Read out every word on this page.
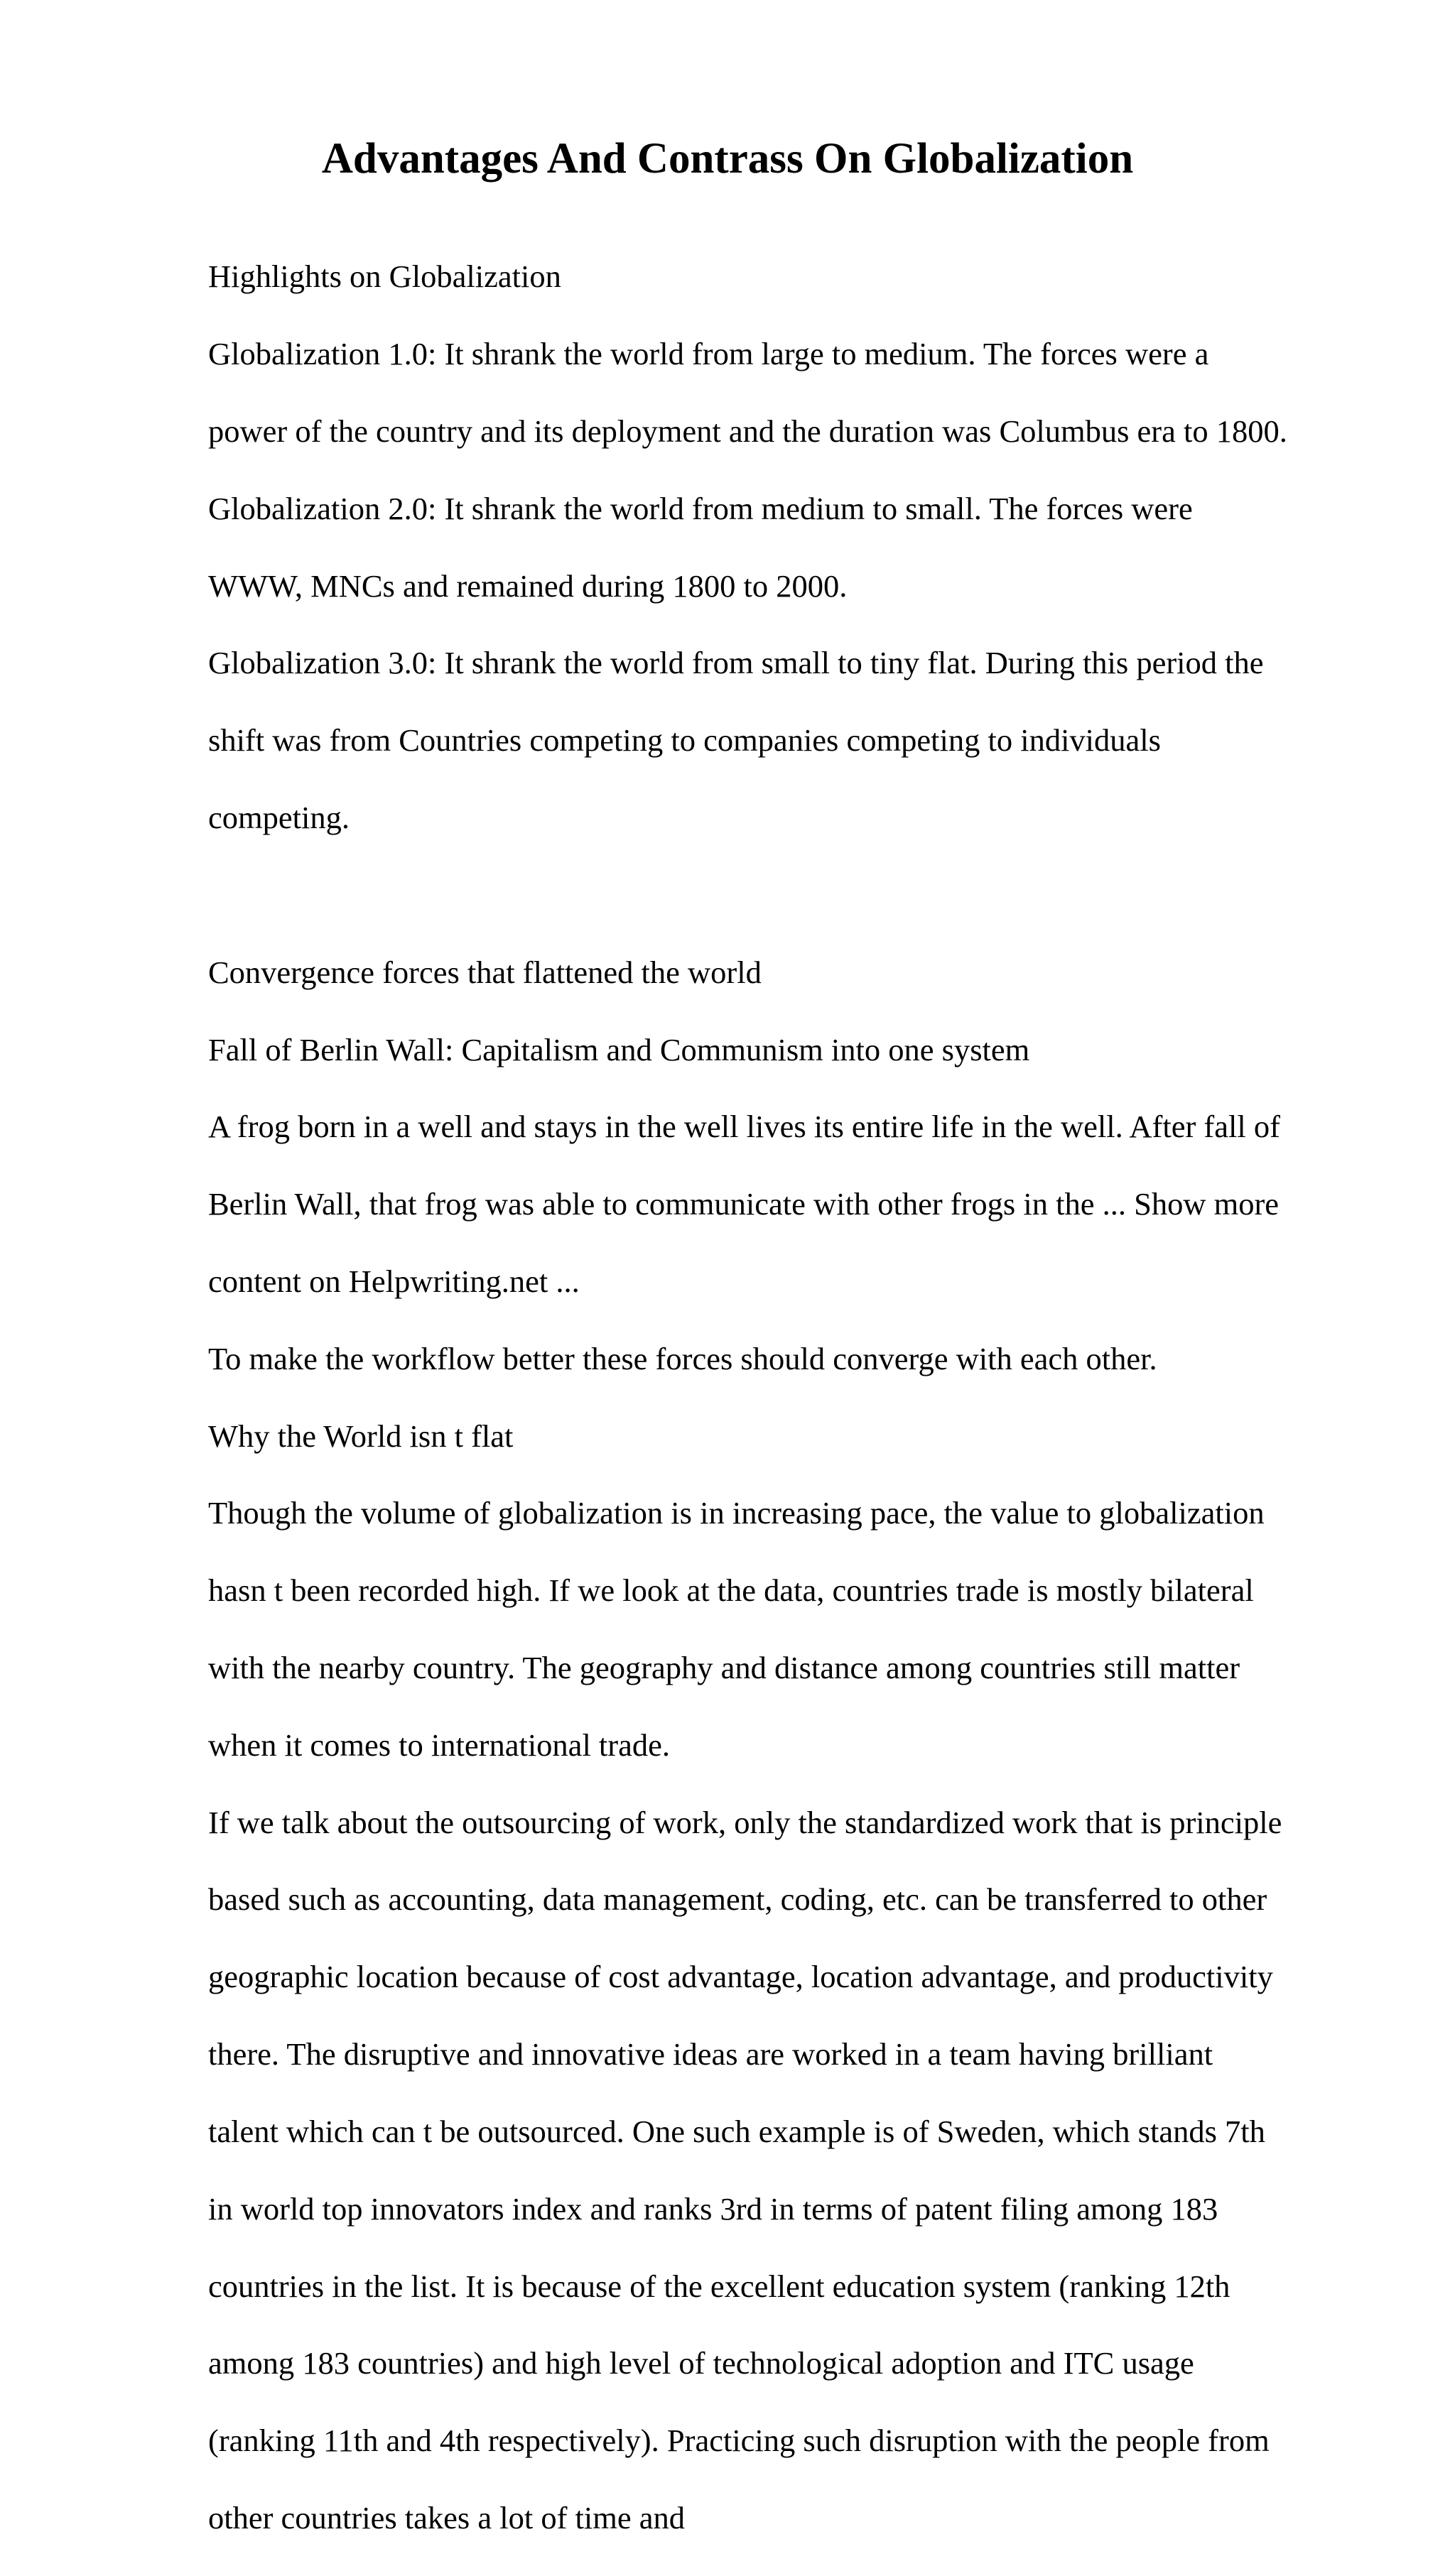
Advantages And Contrass On Globalization

Highlights on Globalization

Globalization 1.0: It shrank the world from large to medium. The forces were a

power of the country and its deployment and the duration was Columbus era to 1800.

Globalization 2.0: It shrank the world from medium to small. The forces were

WWW, MNCs and remained during 1800 to 2000.

Globalization 3.0: It shrank the world from small to tiny flat. During this period the

shift was from Countries competing to companies competing to individuals

competing.

Convergence forces that flattened the world

Fall of Berlin Wall: Capitalism and Communism into one system

A frog born in a well and stays in the well lives its entire life in the well. After fall of

Berlin Wall, that frog was able to communicate with other frogs in the ... Show more

content on Helpwriting.net ...

To make the workflow better these forces should converge with each other.

Why the World isn t flat

Though the volume of globalization is in increasing pace, the value to globalization

hasn t been recorded high. If we look at the data, countries trade is mostly bilateral

with the nearby country. The geography and distance among countries still matter

when it comes to international trade.

If we talk about the outsourcing of work, only the standardized work that is principle

based such as accounting, data management, coding, etc. can be transferred to other

geographic location because of cost advantage, location advantage, and productivity

there. The disruptive and innovative ideas are worked in a team having brilliant

talent which can t be outsourced. One such example is of Sweden, which stands 7th

in world top innovators index and ranks 3rd in terms of patent filing among 183

countries in the list. It is because of the excellent education system (ranking 12th

among 183 countries) and high level of technological adoption and ITC usage

(ranking 11th and 4th respectively). Practicing such disruption with the people from

other countries takes a lot of time and
